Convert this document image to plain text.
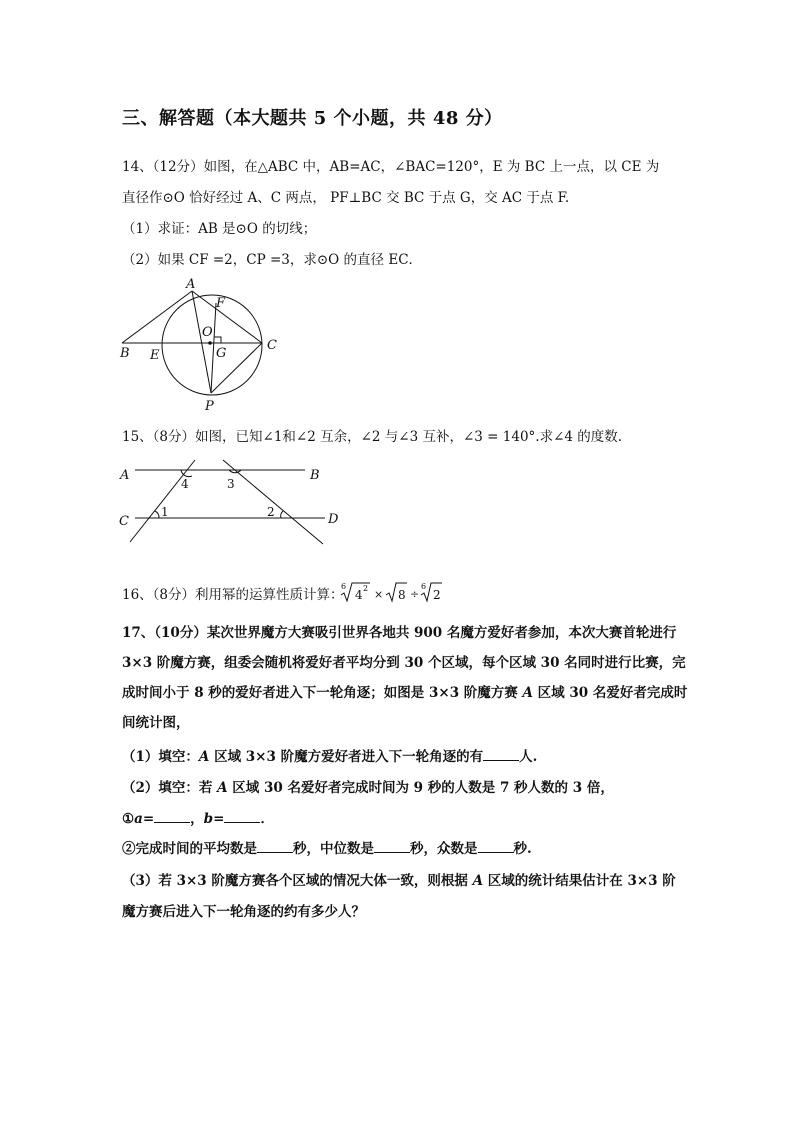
三、解答题（本大题共 5 个小题，共 48 分）
14、（12分）如图，在△ABC 中，AB=AC，∠BAC=120°，E 为 BC 上一点，以 CE 为
直径作⊙O 恰好经过 A、C 两点， PF⊥BC 交 BC 于点 G，交 AC 于点 F.
（1）求证：AB 是⊙O 的切线；
（2）如果 CF =2，CP =3，求⊙O 的直径 EC．
A
F
O
G
B E
C
P
15、（8分）如图，已知∠1和∠2 互余，∠2 与∠3 互补，∠3 = 140°.求∠4 的度数.
A	B
C	D
4	3
1	2
16、（8分）利用幂的运算性质计算：
6
4 2 × 8 ÷
6
2
17、（10分）某次世界魔方大赛吸引世界各地共 900 名魔方爱好者参加，本次大赛首轮进行
3×3 阶魔方赛，组委会随机将爱好者平均分到 30 个区域，每个区域 30 名同时进行比赛，完
成时间小于 8 秒的爱好者进入下一轮角逐；如图是 3×3 阶魔方赛 A 区域 30 名爱好者完成时
间统计图，
（1）填空：A 区域 3×3 阶魔方爱好者进入下一轮角逐的有	人.
（2）填空：若 A 区域 30 名爱好者完成时间为 9 秒的人数是 7 秒人数的 3 倍，
①a=	，b=	．
②完成时间的平均数是	秒，中位数是	秒，众数是	秒.
（3）若 3×3 阶魔方赛各个区域的情况大体一致，则根据 A 区域的统计结果估计在 3×3 阶
魔方赛后进入下一轮角逐的约有多少人？
